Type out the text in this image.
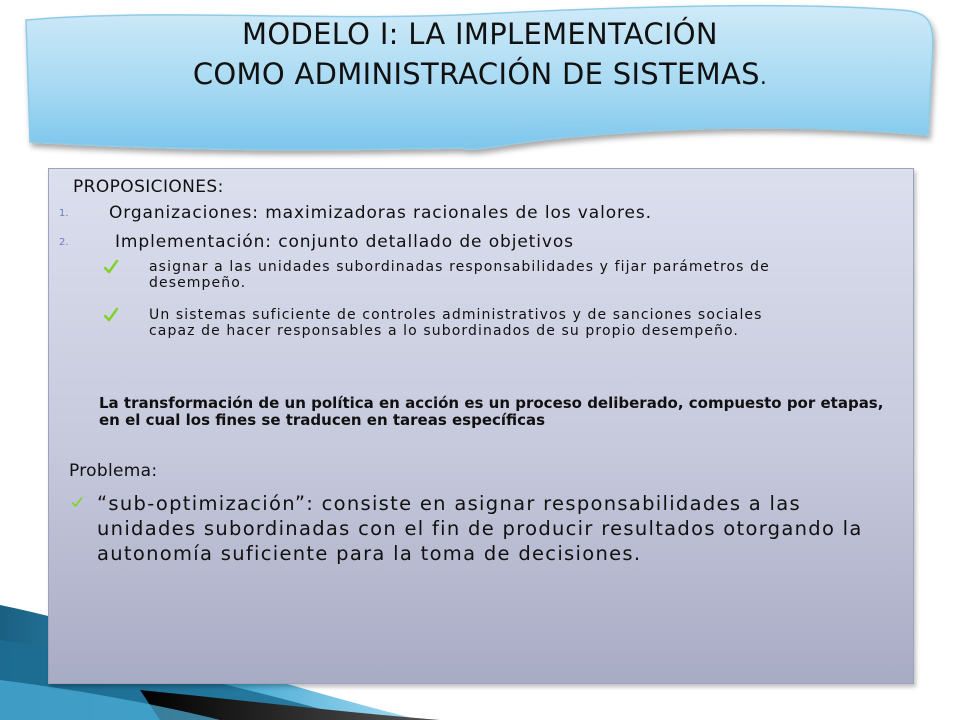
MODELO I: LA IMPLEMENTACIÓN
COMO ADMINISTRACIÓN DE SISTEMAS.
PROPOSICIONES:
1. Organizaciones: maximizadoras racionales de los valores.
2.	Implementación: conjunto detallado de objetivos
asignar a las unidades subordinadas responsabilidades y fijar parámetros de desempeño.
Un sistemas suficiente de controles administrativos y de sanciones sociales capaz de hacer responsables a lo subordinados de su propio desempeño.
La transformación de un política en acción es un proceso deliberado, compuesto por etapas, en el cual los fines se traducen en tareas específicas
Problema:
“sub-optimización”: consiste en asignar responsabilidades a las unidades subordinadas con el fin de producir resultados otorgando la autonomía suficiente para la toma de decisiones.
